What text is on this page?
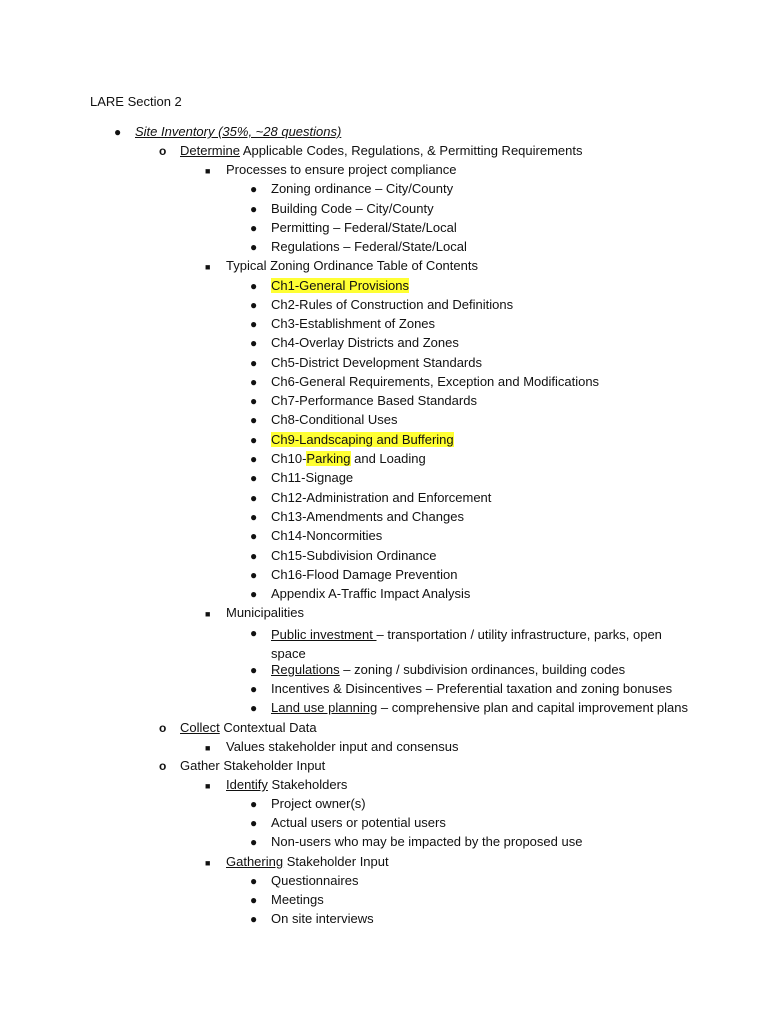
LARE Section 2
● Site Inventory (35%, ~28 questions)
o Determine Applicable Codes, Regulations, & Permitting Requirements
■ Processes to ensure project compliance
● Zoning ordinance – City/County
● Building Code – City/County
● Permitting – Federal/State/Local
● Regulations – Federal/State/Local
■ Typical Zoning Ordinance Table of Contents
● Ch1-General Provisions
● Ch2-Rules of Construction and Definitions
● Ch3-Establishment of Zones
● Ch4-Overlay Districts and Zones
● Ch5-District Development Standards
● Ch6-General Requirements, Exception and Modifications
● Ch7-Performance Based Standards
● Ch8-Conditional Uses
● Ch9-Landscaping and Buffering
● Ch10-Parking and Loading
● Ch11-Signage
● Ch12-Administration and Enforcement
● Ch13-Amendments and Changes
● Ch14-Noncormities
● Ch15-Subdivision Ordinance
● Ch16-Flood Damage Prevention
● Appendix A-Traffic Impact Analysis
■ Municipalities
● Public investment – transportation / utility infrastructure, parks, open space
● Regulations – zoning / subdivision ordinances, building codes
● Incentives & Disincentives – Preferential taxation and zoning bonuses
● Land use planning – comprehensive plan and capital improvement plans
o Collect Contextual Data
■ Values stakeholder input and consensus
o Gather Stakeholder Input
■ Identify Stakeholders
● Project owner(s)
● Actual users or potential users
● Non-users who may be impacted by the proposed use
■ Gathering Stakeholder Input
● Questionnaires
● Meetings
● On site interviews
